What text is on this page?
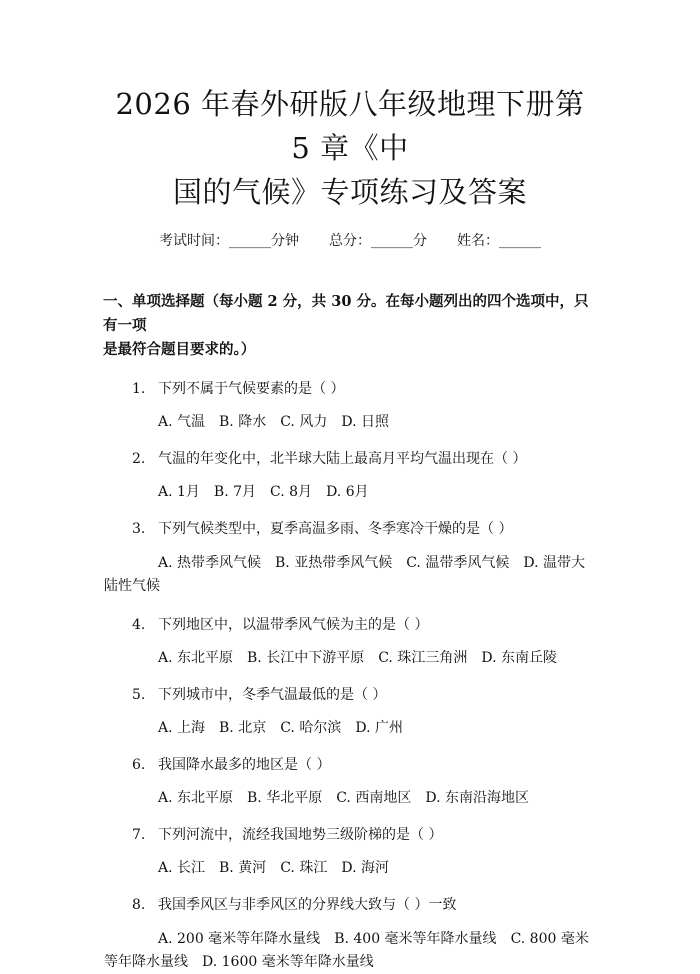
2026 年春外研版八年级地理下册第 5 章《中
国的气候》专项练习及答案
考试时间：______分钟 总分：______分 姓名：______
一、单项选择题（每小题 2 分，共 30 分。在每小题列出的四个选项中，只有一项
是最符合题目要求的。）
1. 下列不属于气候要素的是（ ）
A. 气温 B. 降水 C. 风力 D. 日照
2. 气温的年变化中，北半球大陆上最高月平均气温出现在（ ）
A. 1月 B. 7月 C. 8月 D. 6月
3. 下列气候类型中，夏季高温多雨、冬季寒冷干燥的是（ ）
A. 热带季风气候 B. 亚热带季风气候 C. 温带季风气候 D. 温带大陆性气候
4. 下列地区中，以温带季风气候为主的是（ ）
A. 东北平原 B. 长江中下游平原 C. 珠江三角洲 D. 东南丘陵
5. 下列城市中，冬季气温最低的是（ ）
A. 上海 B. 北京 C. 哈尔滨 D. 广州
6. 我国降水最多的地区是（ ）
A. 东北平原 B. 华北平原 C. 西南地区 D. 东南沿海地区
7. 下列河流中，流经我国地势三级阶梯的是（ ）
A. 长江 B. 黄河 C. 珠江 D. 海河
8. 我国季风区与非季风区的分界线大致与（ ）一致
A. 200 毫米等年降水量线 B. 400 毫米等年降水量线 C. 800 毫米等年降水量线 D. 1600 毫米等年降水量线
